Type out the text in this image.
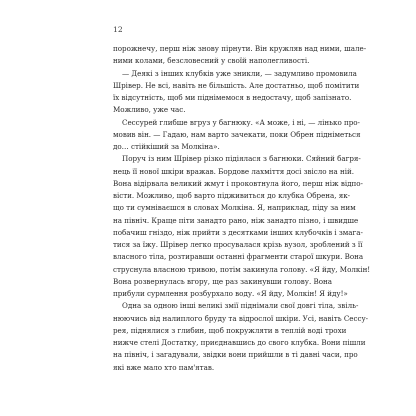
12
порожнечу, перш ніж знову пірнути. Він кружляв над ними, шале-
ними колами, безсловесний у своїй наполегливості.
— Деякі з інших клубків уже зникли, — задумливо промовила
Шрівер. Не всі, навіть не більшість. Але достатньо, щоб помітити
їх відсутність, щоб ми піднімемося в недостачу, щоб запізнато.
Можливо, уже час.
Сессурей глибше вгруз у багнюку. «А може, і ні, — лінько про-
мовив він. — Гадаю, нам варто зачекати, поки Обрен підніметься
до… стійкіший за Молкіна».
Поруч із ним Шрівер різко підіялася з багнюки. Сяйний багря-
нець її нової шкіри вражав. Бордове лахміття досі звісло на ній.
Вона відірвала великий жмут і проковтнула його, перш ніж відпо-
вісти. Можливо, щоб варто підживиться до клубка Обрена, як-
що ти сумніваєшся в словах Молкіна. Я, наприклад, піду за ним
на північ. Краще піти занадто рано, ніж занадто пізно, і швидше
побачиш гніздо, ніж прийти з десятками інших клубочків і змага-
тися за їжу. Шрівер легко просувалася крізь вузол, зроблений з її
власного тіла, розтиравши останні фрагменти старої шкури. Вона
струснула власною тривою, потім закинула голову. «Я йду, Молкін!
Вона розвернулась вгору, ще раз закинувши голову. Вона
прибули сурмлення розбурхало воду. «Я йду, Молкін! Я йду!»
Одна за одною інші великі змії піднімали свої довгі тіла, звіль-
нюючись від налиплого бруду та відрослої шкіри. Усі, навіть Сессу-
рея, піднялися з глибин, щоб покружляти в теплій воді трохи
нижче стелі Достатку, приєднавшись до свого клубка. Вони пішли
на північ, і загадували, звідки вони прийшли в ті давні часи, про
які вже мало хто пам'ятав.
